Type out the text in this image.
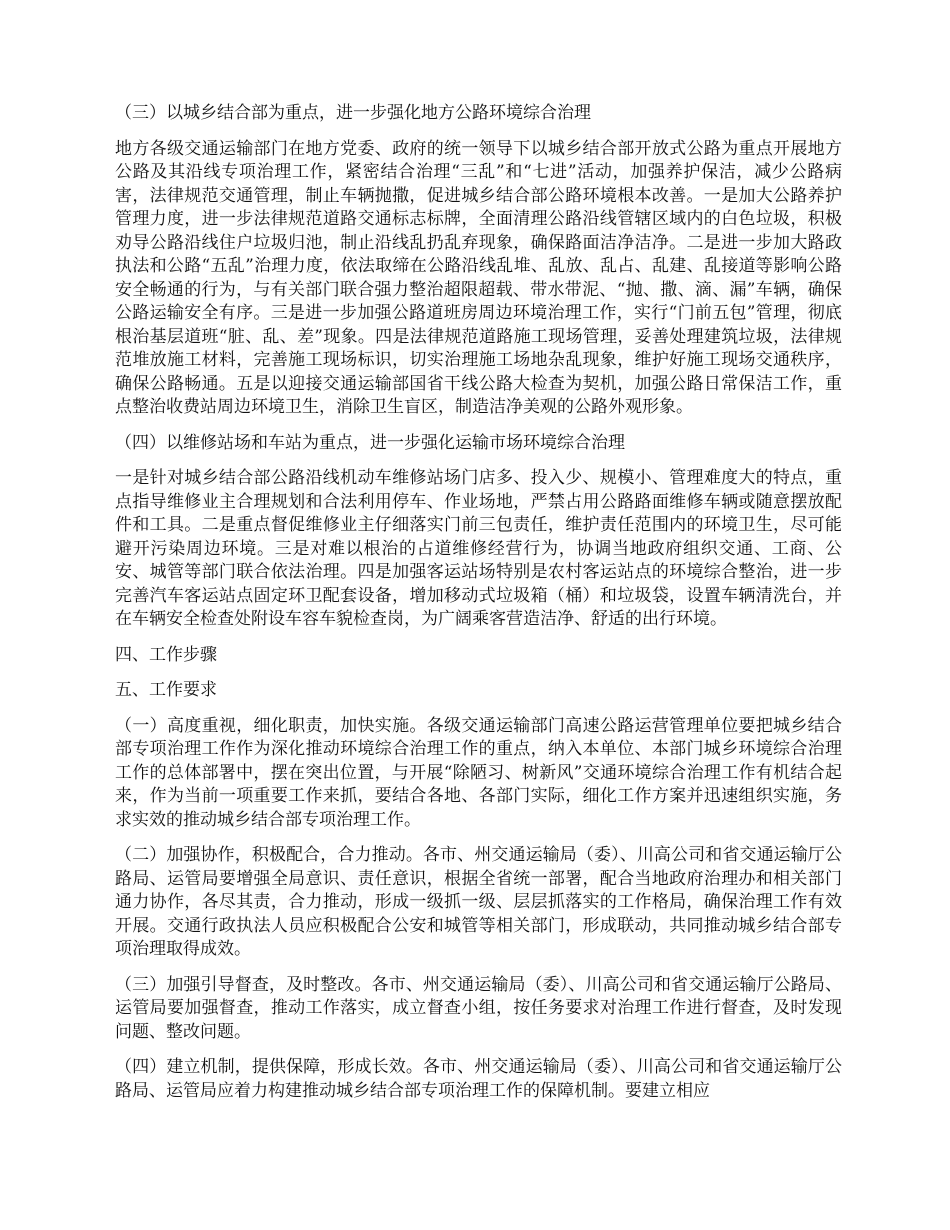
（三）以城乡结合部为重点，进一步强化地方公路环境综合治理

地方各级交通运输部门在地方党委、政府的统一领导下以城乡结合部开放式公路为重点开展地方公路及其沿线专项治理工作，紧密结合治理“三乱”和“七进”活动，加强养护保洁，减少公路病害，法律规范交通管理，制止车辆抛撒，促进城乡结合部公路环境根本改善。一是加大公路养护管理力度，进一步法律规范道路交通标志标牌，全面清理公路沿线管辖区域内的白色垃圾，积极劝导公路沿线住户垃圾归池，制止沿线乱扔乱弃现象，确保路面洁净洁净。二是进一步加大路政执法和公路“五乱”治理力度，依法取缔在公路沿线乱堆、乱放、乱占、乱建、乱接道等影响公路安全畅通的行为，与有关部门联合强力整治超限超载、带水带泥、“抛、撒、滴、漏”车辆，确保公路运输安全有序。三是进一步加强公路道班房周边环境治理工作，实行“门前五包”管理，彻底根治基层道班“脏、乱、差”现象。四是法律规范道路施工现场管理，妥善处理建筑垃圾，法律规范堆放施工材料，完善施工现场标识，切实治理施工场地杂乱现象，维护好施工现场交通秩序，确保公路畅通。五是以迎接交通运输部国省干线公路大检查为契机，加强公路日常保洁工作，重点整治收费站周边环境卫生，消除卫生盲区，制造洁净美观的公路外观形象。

（四）以维修站场和车站为重点，进一步强化运输市场环境综合治理

一是针对城乡结合部公路沿线机动车维修站场门店多、投入少、规模小、管理难度大的特点，重点指导维修业主合理规划和合法利用停车、作业场地，严禁占用公路路面维修车辆或随意摆放配件和工具。二是重点督促维修业主仔细落实门前三包责任，维护责任范围内的环境卫生，尽可能避开污染周边环境。三是对难以根治的占道维修经营行为，协调当地政府组织交通、工商、公安、城管等部门联合依法治理。四是加强客运站场特别是农村客运站点的环境综合整治，进一步完善汽车客运站点固定环卫配套设备，增加移动式垃圾箱（桶）和垃圾袋，设置车辆清洗台，并在车辆安全检查处附设车容车貌检查岗，为广阔乘客营造洁净、舒适的出行环境。

四、工作步骤

五、工作要求

（一）高度重视，细化职责，加快实施。各级交通运输部门高速公路运营管理单位要把城乡结合部专项治理工作作为深化推动环境综合治理工作的重点，纳入本单位、本部门城乡环境综合治理工作的总体部署中，摆在突出位置，与开展“除陋习、树新风”交通环境综合治理工作有机结合起来，作为当前一项重要工作来抓，要结合各地、各部门实际，细化工作方案并迅速组织实施，务求实效的推动城乡结合部专项治理工作。

（二）加强协作，积极配合，合力推动。各市、州交通运输局（委）、川高公司和省交通运输厅公路局、运管局要增强全局意识、责任意识，根据全省统一部署，配合当地政府治理办和相关部门通力协作，各尽其责，合力推动，形成一级抓一级、层层抓落实的工作格局，确保治理工作有效开展。交通行政执法人员应积极配合公安和城管等相关部门，形成联动，共同推动城乡结合部专项治理取得成效。

（三）加强引导督查，及时整改。各市、州交通运输局（委）、川高公司和省交通运输厅公路局、运管局要加强督查，推动工作落实，成立督查小组，按任务要求对治理工作进行督查，及时发现问题、整改问题。

（四）建立机制，提供保障，形成长效。各市、州交通运输局（委）、川高公司和省交通运输厅公路局、运管局应着力构建推动城乡结合部专项治理工作的保障机制。要建立相应
